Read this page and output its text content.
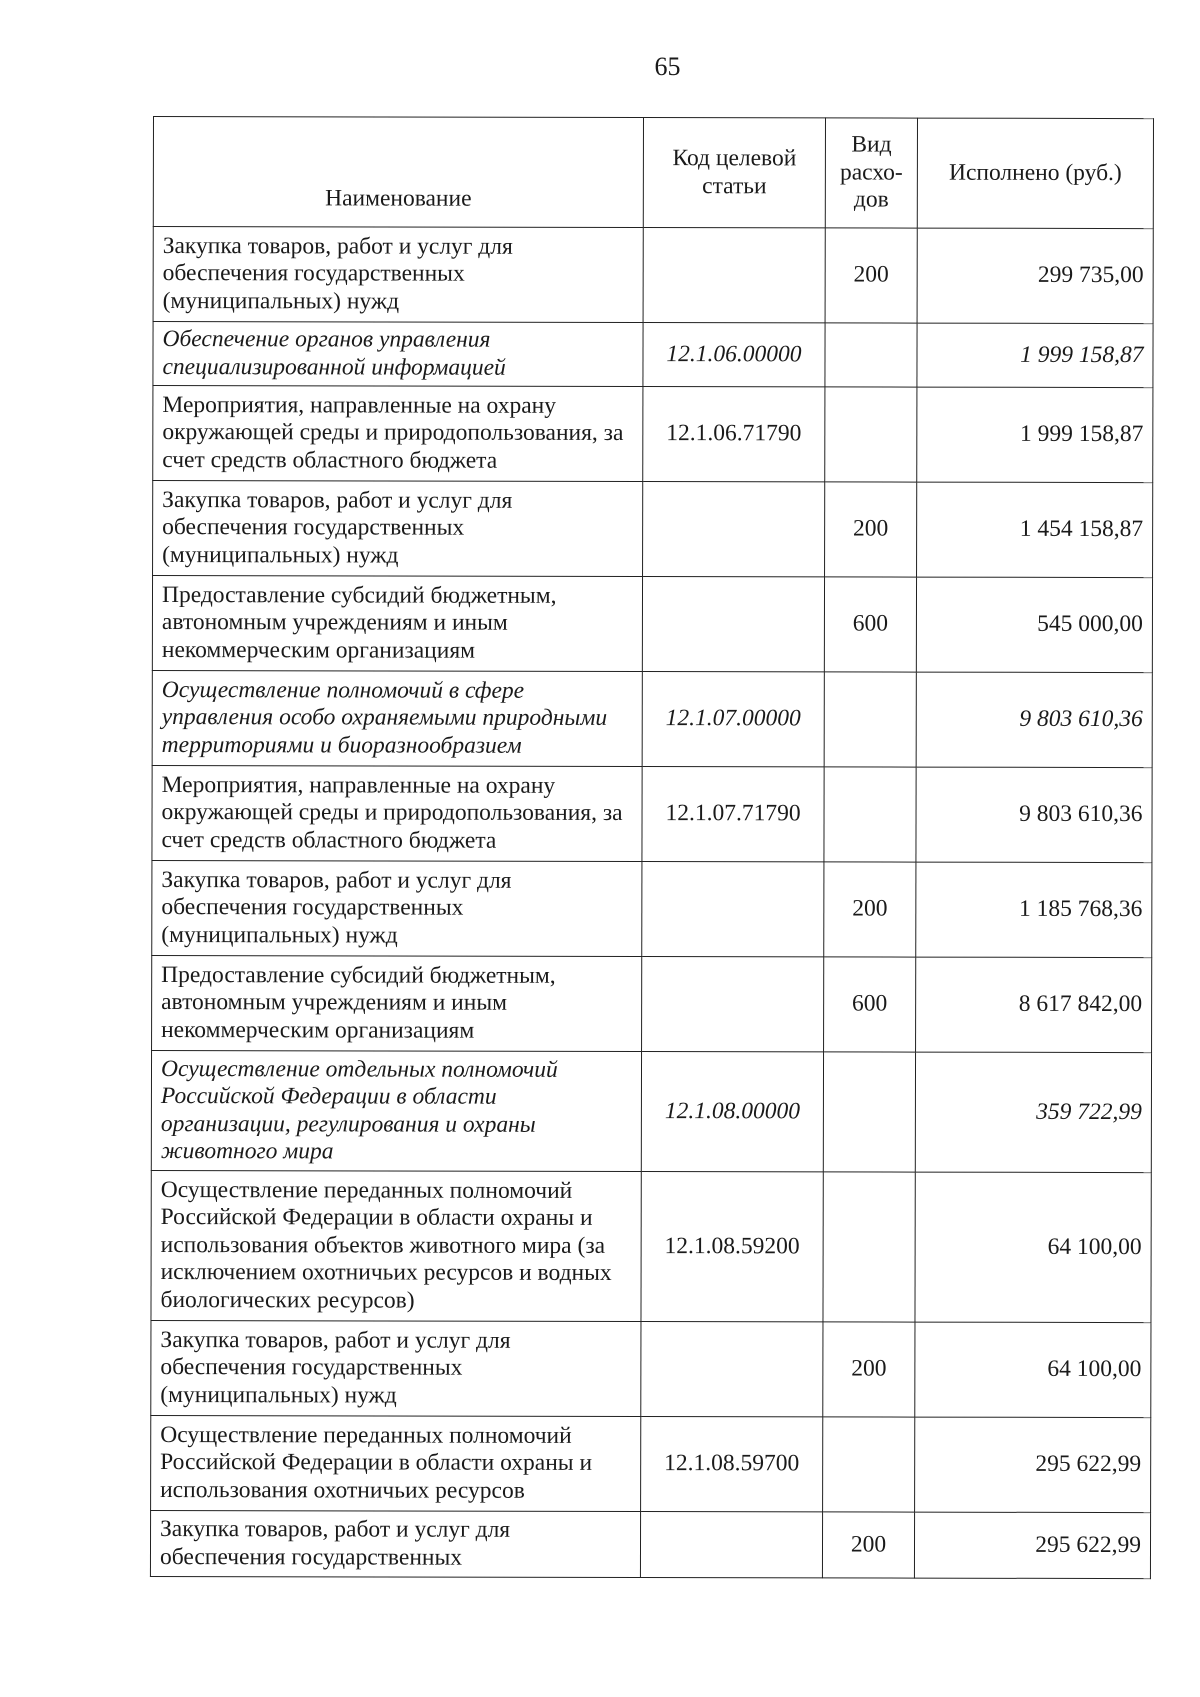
65
Наименование	Код целевой статьи	Вид расхо-дов	Исполнено (руб.)
Закупка товаров, работ и услуг для обеспечения государственных (муниципальных) нужд		200	299 735,00
Обеспечение органов управления специализированной информацией	12.1.06.00000		1 999 158,87
Мероприятия, направленные на охрану окружающей среды и природопользования, за счет средств областного бюджета	12.1.06.71790		1 999 158,87
Закупка товаров, работ и услуг для обеспечения государственных (муниципальных) нужд		200	1 454 158,87
Предоставление субсидий бюджетным, автономным учреждениям и иным некоммерческим организациям		600	545 000,00
Осуществление полномочий в сфере управления особо охраняемыми природными территориями и биоразнообразием	12.1.07.00000		9 803 610,36
Мероприятия, направленные на охрану окружающей среды и природопользования, за счет средств областного бюджета	12.1.07.71790		9 803 610,36
Закупка товаров, работ и услуг для обеспечения государственных (муниципальных) нужд		200	1 185 768,36
Предоставление субсидий бюджетным, автономным учреждениям и иным некоммерческим организациям		600	8 617 842,00
Осуществление отдельных полномочий Российской Федерации в области организации, регулирования и охраны животного мира	12.1.08.00000		359 722,99
Осуществление переданных полномочий Российской Федерации в области охраны и использования объектов животного мира (за исключением охотничьих ресурсов и водных биологических ресурсов)	12.1.08.59200		64 100,00
Закупка товаров, работ и услуг для обеспечения государственных (муниципальных) нужд		200	64 100,00
Осуществление переданных полномочий Российской Федерации в области охраны и использования охотничьих ресурсов	12.1.08.59700		295 622,99
Закупка товаров, работ и услуг для обеспечения государственных		200	295 622,99
